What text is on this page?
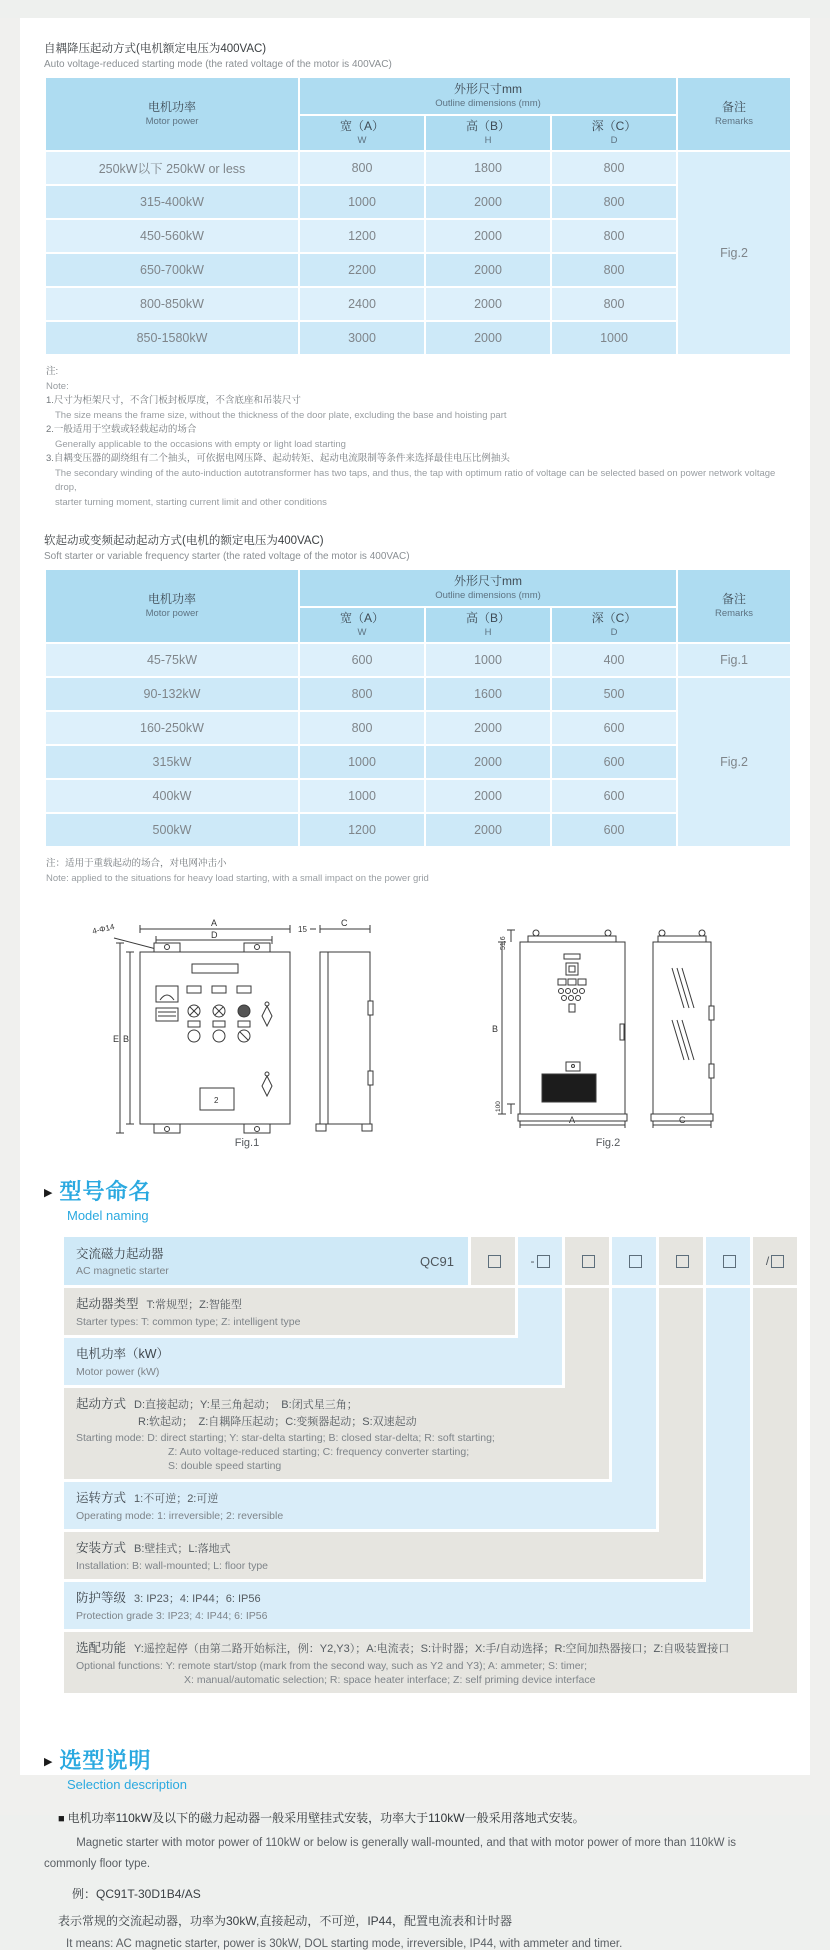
自耦降压起动方式(电机额定电压为400VAC)
Auto voltage-reduced starting mode (the rated voltage of the motor is 400VAC)
电机功率
Motor power	外形尺寸mm
Outline dimensions (mm)			备注
Remarks

	宽（A）
W	高（B）
H	深（C）
D	

250kW以下 250kW or less	800	1800	800	Fig.2
315-400kW	1000	2000	800	
450-560kW	1200	2000	800	
650-700kW	2200	2000	800	
800-850kW	2400	2000	800	
850-1580kW	3000	2000	1000	
注:
Note:
1.尺寸为柜架尺寸，不含门板封板厚度，不含底座和吊装尺寸
The size means the frame size, without the thickness of the door plate, excluding the base and hoisting part
2.一般适用于空载或轻载起动的场合
Generally applicable to the occasions with empty or light load starting
3.自耦变压器的副绕组有二个抽头，可依据电网压降、起动转矩、起动电流限制等条件来选择最佳电压比例抽头
The secondary winding of the auto-induction autotransformer has two taps, and thus, the tap with optimum ratio of voltage can be selected based on power network voltage drop,
starter turning moment, starting current limit and other conditions
软起动或变频起动起动方式(电机的额定电压为400VAC)
Soft starter or variable frequency starter (the rated voltage of the motor is 400VAC)
电机功率
Motor power	外形尺寸mm
Outline dimensions (mm)			备注
Remarks

	宽（A）
W	高（B）
H	深（C）
D	

45-75kW	600	1000	400	Fig.1
90-132kW	800	1600	500	Fig.2
160-250kW	800	2000	600	
315kW	1000	2000	600	
400kW	1000	2000	600	
500kW	1200	2000	600	
注：适用于重载起动的场合，对电网冲击小
Note: applied to the situations for heavy load starting, with a small impact on the power grid
A
D
4-Φ14
E B
15
C
2
Fig.1
51.6
B
100
A	C
Fig.2
▶ 型号命名
Model naming
交流磁力起动器
AC magnetic starter
QC91	-	/
起动器类型 T:常规型；Z:智能型
Starter types: T: common type; Z: intelligent type
电机功率（kW）
Motor power (kW)
起动方式 D:直接起动；Y:星三角起动；　B:闭式星三角；
R:软起动；　Z:自耦降压起动；C:变频器起动；S:双速起动
Starting mode: D: direct starting; Y: star-delta starting; B: closed star-delta; R: soft starting;
Z: Auto voltage-reduced starting; C: frequency converter starting;
S: double speed starting
运转方式 1:不可逆；2:可逆
Operating mode: 1: irreversible; 2: reversible
安装方式 B:壁挂式；L:落地式
Installation: B: wall-mounted; L: floor type
防护等级 3: IP23；4: IP44；6: IP56
Protection grade 3: IP23; 4: IP44; 6: IP56
选配功能 Y:遥控起停（由第二路开始标注，例：Y2,Y3）；A:电流表；S:计时器；X:手/自动选择；R:空间加热器接口；Z:自吸装置接口
Optional functions: Y: remote start/stop (mark from the second way, such as Y2 and Y3); A: ammeter; S: timer;
X: manual/automatic selection; R: space heater interface; Z: self priming device interface
▶ 选型说明
Selection description
■ 电机功率110kW及以下的磁力起动器一般采用壁挂式安装，功率大于110kW一般采用落地式安装。

Magnetic starter with motor power of 110kW or below is generally wall-mounted, and that with motor power of more than 110kW is commonly floor type.

例：QC91T-30D1B4/AS
表示常规的交流起动器，功率为30kW,直接起动，不可逆，IP44，配置电流表和计时器
It means: AC magnetic starter, power is 30kW, DOL starting mode, irreversible, IP44, with ammeter and timer.
